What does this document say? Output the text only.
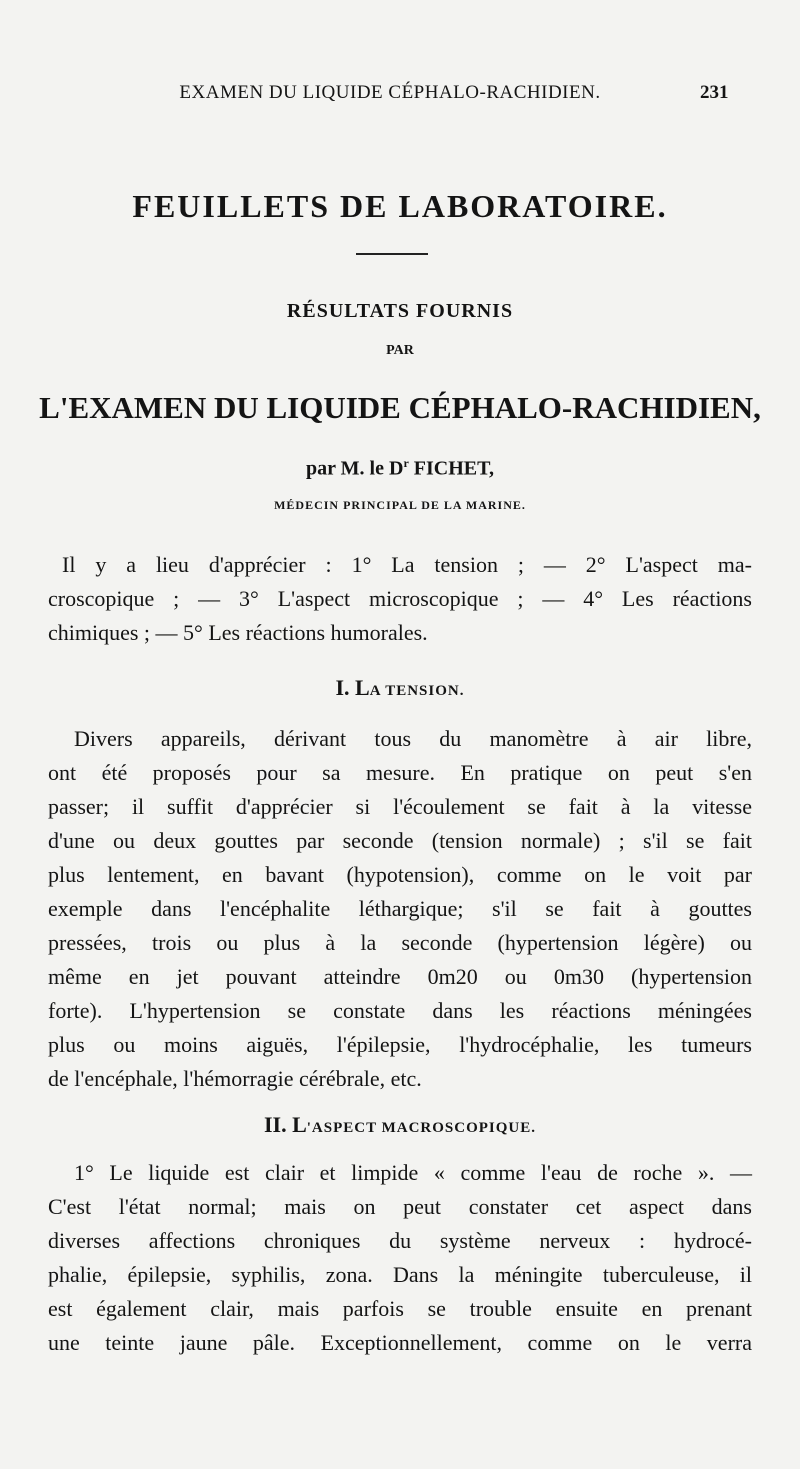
EXAMEN DU LIQUIDE CÉPHALO-RACHIDIEN.	231
FEUILLETS DE LABORATOIRE.
RÉSULTATS FOURNIS
PAR
L'EXAMEN DU LIQUIDE CÉPHALO-RACHIDIEN,
par M. le $D^r$ FICHET,
MÉDECIN PRINCIPAL DE LA MARINE.
Il y a lieu d'apprécier : 1° La tension ; — 2° L'aspect ma-
croscopique ; — 3° L'aspect microscopique ; — 4° Les réactions
chimiques ; — 5° Les réactions humorales.
I. LA TENSION.
Divers appareils, dérivant tous du manomètre à air libre,
ont été proposés pour sa mesure. En pratique on peut s'en
passer; il suffit d'apprécier si l'écoulement se fait à la vitesse
d'une ou deux gouttes par seconde (tension normale) ; s'il se fait
plus lentement, en bavant (hypotension), comme on le voit par
exemple dans l'encéphalite léthargique; s'il se fait à gouttes
pressées, trois ou plus à la seconde (hypertension légère) ou
même en jet pouvant atteindre 0m20 ou 0m30 (hypertension
forte). L'hypertension se constate dans les réactions méningées
plus ou moins aiguës, l'épilepsie, l'hydrocéphalie, les tumeurs
de l'encéphale, l'hémorragie cérébrale, etc.
II. L'ASPECT MACROSCOPIQUE.
1° Le liquide est clair et limpide « comme l'eau de roche ». —
C'est l'état normal; mais on peut constater cet aspect dans
diverses affections chroniques du système nerveux : hydrocé-
phalie, épilepsie, syphilis, zona. Dans la méningite tuberculeuse, il
est également clair, mais parfois se trouble ensuite en prenant
une teinte jaune pâle. Exceptionnellement, comme on le verra
